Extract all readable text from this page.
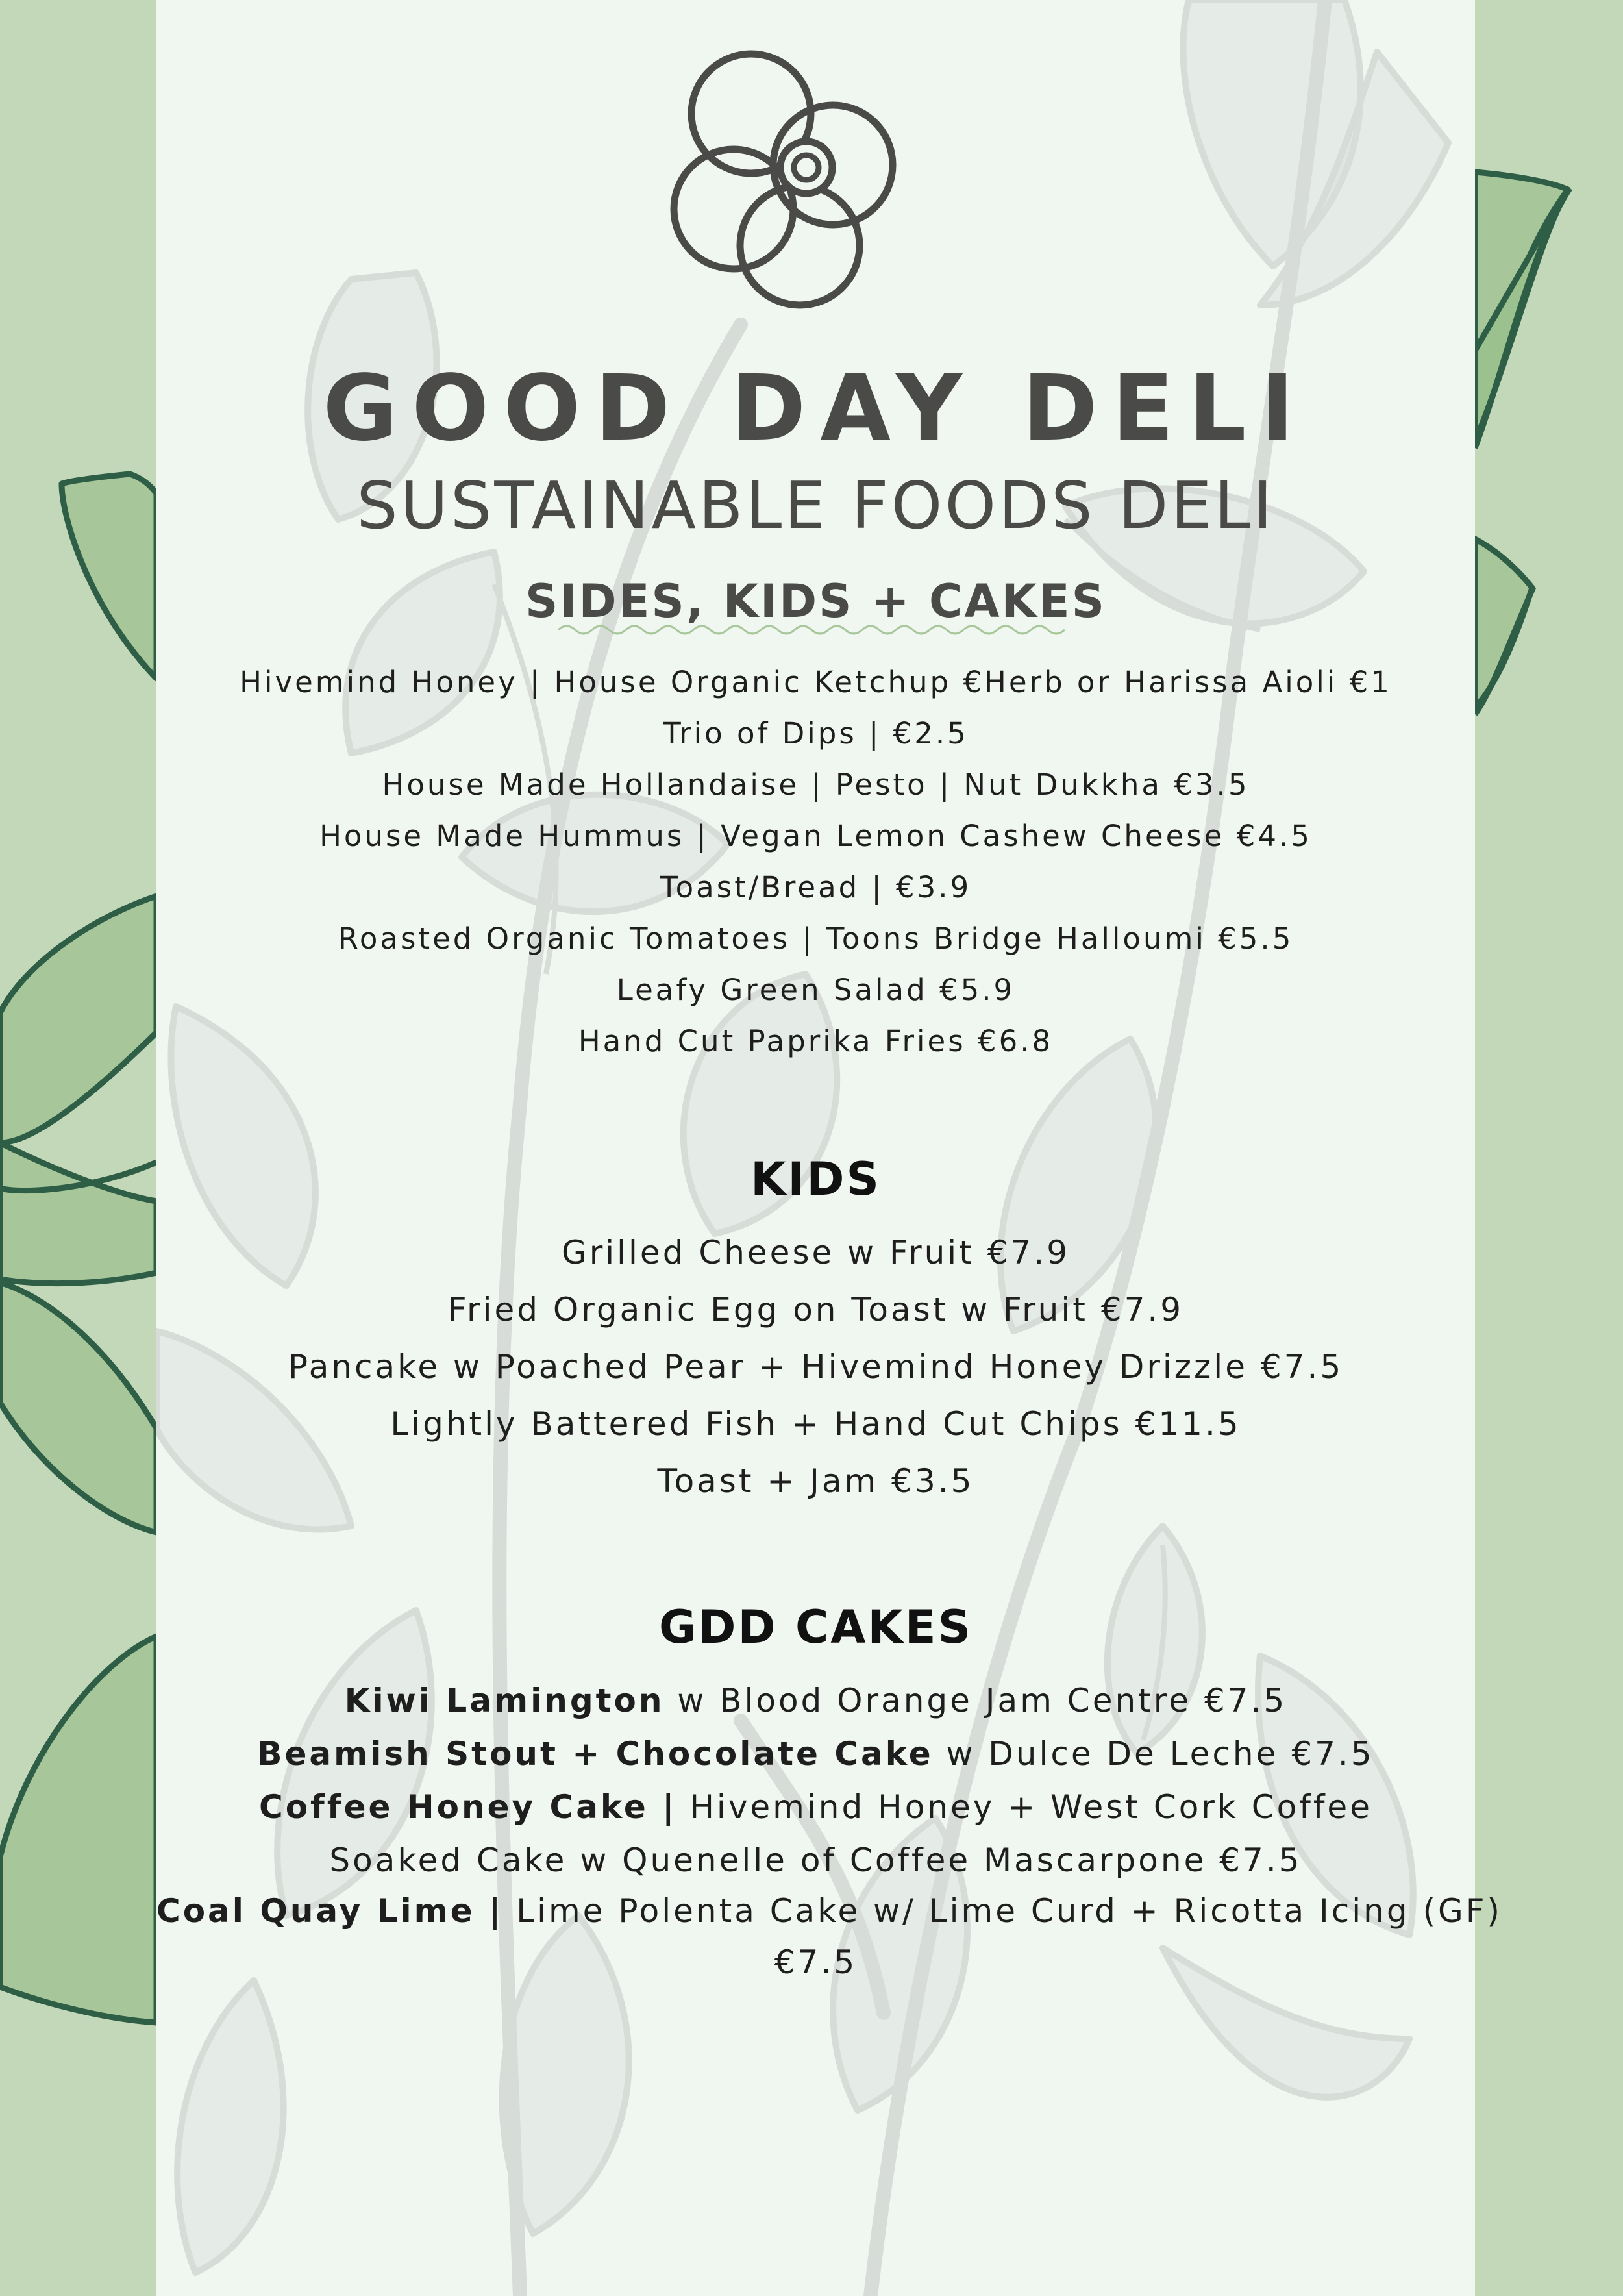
GOOD DAY DELI
SUSTAINABLE FOODS DELI
SIDES, KIDS + CAKES
Hivemind Honey | House Organic Ketchup €Herb or Harissa Aioli €1
Trio of Dips | €2.5
House Made Hollandaise | Pesto | Nut Dukkha €3.5
House Made Hummus | Vegan Lemon Cashew Cheese €4.5
Toast/Bread | €3.9
Roasted Organic Tomatoes | Toons Bridge Halloumi €5.5
Leafy Green Salad €5.9
Hand Cut Paprika Fries €6.8
KIDS
Grilled Cheese w Fruit €7.9
Fried Organic Egg on Toast w Fruit €7.9
Pancake w Poached Pear + Hivemind Honey Drizzle €7.5
Lightly Battered Fish + Hand Cut Chips €11.5
Toast + Jam €3.5
GDD CAKES
Kiwi Lamington w Blood Orange Jam Centre €7.5
Beamish Stout + Chocolate Cake w Dulce De Leche €7.5
Coffee Honey Cake | Hivemind Honey + West Cork Coffee
Soaked Cake w Quenelle of Coffee Mascarpone €7.5
Coal Quay Lime | Lime Polenta Cake w/ Lime Curd + Ricotta Icing (GF)
€7.5
